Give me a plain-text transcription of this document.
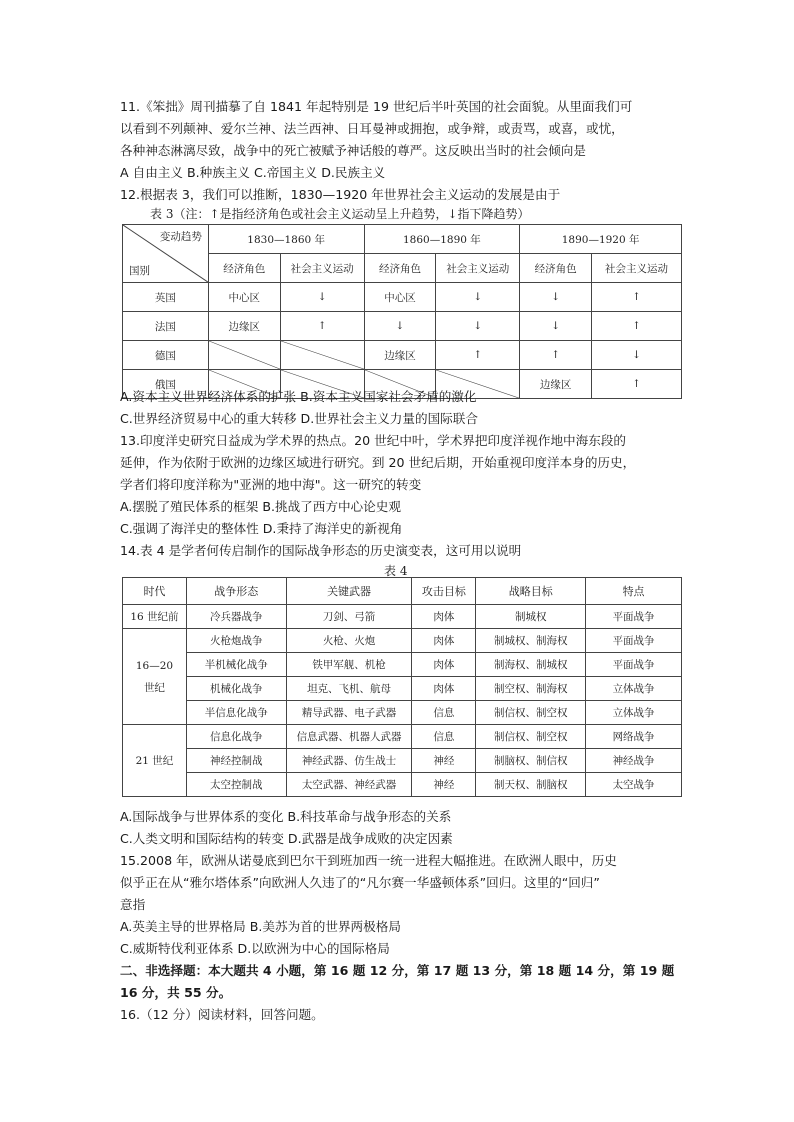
11.《笨拙》周刊描摹了自 1841 年起特别是 19 世纪后半叶英国的社会面貌。从里面我们可
以看到不列颠神、爱尔兰神、法兰西神、日耳曼神或拥抱，或争辩，或责骂，或喜，或忧，
各种神态淋漓尽致，战争中的死亡被赋予神话般的尊严。这反映出当时的社会倾向是
A 自由主义 B.种族主义 C.帝国主义 D.民族主义
12.根据表 3，我们可以推断，1830—1920 年世界社会主义运动的发展是由于
表 3（注：↑是指经济角色或社会主义运动呈上升趋势，↓指下降趋势）
变动趋势
国别	1830—1860 年		1860—1890 年		1890—1920 年	
	经济角色	社会主义运动	经济角色	社会主义运动	经济角色	社会主义运动
英国	中心区	↓	中心区	↓	↓	↑
法国	边缘区	↑	↓	↓	↓	↑
德国			边缘区	↑	↑	↓
俄国					边缘区	↑
A.资本主义世界经济体系的扩张 B.资本主义国家社会矛盾的激化
C.世界经济贸易中心的重大转移 D.世界社会主义力量的国际联合
13.印度洋史研究日益成为学术界的热点。20 世纪中叶，学术界把印度洋视作地中海东段的
延伸，作为依附于欧洲的边缘区域进行研究。到 20 世纪后期，开始重视印度洋本身的历史，
学者们将印度洋称为"亚洲的地中海"。这一研究的转变
A.摆脱了殖民体系的框架 B.挑战了西方中心论史观
C.强调了海洋史的整体性 D.秉持了海洋史的新视角
14.表 4 是学者何传启制作的国际战争形态的历史演变表，这可用以说明
表 4
时代	战争形态	关键武器	攻击目标	战略目标	特点
16 世纪前	冷兵器战争	刀剑、弓箭	肉体	制城权	平面战争
16—20
世纪	火枪炮战争	火枪、火炮	肉体	制城权、制海权	平面战争
	半机械化战争	铁甲军舰、机枪	肉体	制海权、制城权	平面战争
	机械化战争	坦克、飞机、航母	肉体	制空权、制海权	立体战争
	半信息化战争	精导武器、电子武器	信息	制信权、制空权	立体战争
21 世纪	信息化战争	信息武器、机器人武器	信息	制信权、制空权	网络战争
	神经控制战	神经武器、仿生战士	神经	制脑权、制信权	神经战争
	太空控制战	太空武器、神经武器	神经	制天权、制脑权	太空战争
A.国际战争与世界体系的变化 B.科技革命与战争形态的关系
C.人类文明和国际结构的转变 D.武器是战争成败的决定因素
15.2008 年，欧洲从诺曼底到巴尔干到班加西一统一进程大幅推进。在欧洲人眼中，历史
似乎正在从“雅尔塔体系”向欧洲人久违了的“凡尔赛一华盛顿体系”回归。这里的“回归”
意指
A.英美主导的世界格局 B.美苏为首的世界两极格局
C.威斯特伐利亚体系 D.以欧洲为中心的国际格局
二、非选择题：本大题共 4 小题，第 16 题 12 分，第 17 题 13 分，第 18 题 14 分，第 19 题
16 分，共 55 分。
16.（12 分）阅读材料，回答问题。
